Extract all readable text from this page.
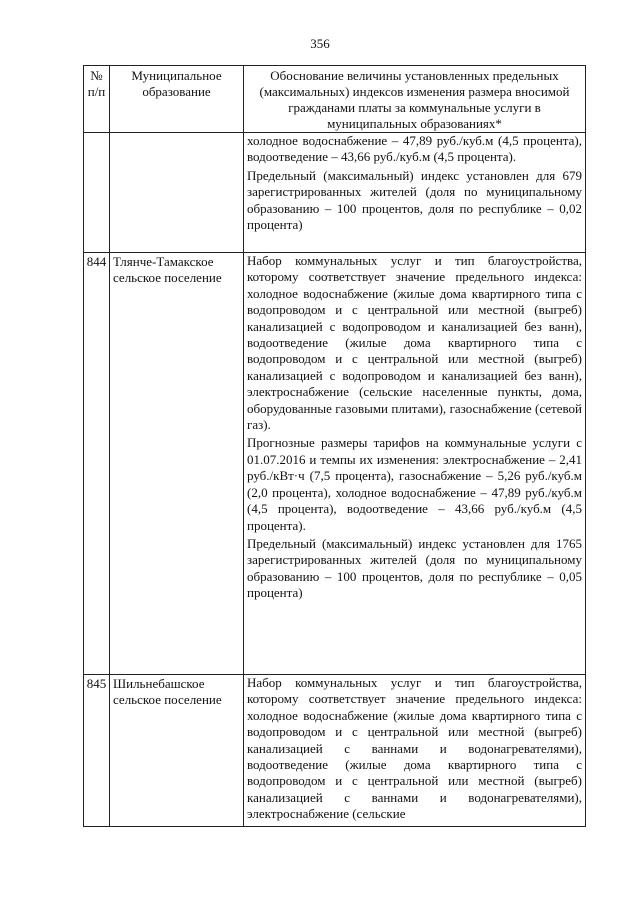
356
№ п/п	Муниципальное образование	Обоснование величины установленных предельных (максимальных) индексов изменения размера вносимой гражданами платы за коммунальные услуги в муниципальных образованиях*

		холодное водоснабжение – 47,89 руб./куб.м (4,5 процента), водоотведение – 43,66 руб./куб.м (4,5 процента).

Предельный (максимальный) индекс установлен для 679 зарегистрированных жителей (доля по муниципальному образованию – 100 процентов, доля по республике – 0,02 процента)

844	Тлянче-Тамакское сельское поселение	Набор коммунальных услуг и тип благоустройства, которому соответствует значение предельного индекса: холодное водоснабжение (жилые дома квартирного типа с водопроводом и с центральной или местной (выгреб) канализацией с водопроводом и канализацией без ванн), водоотведение (жилые дома квартирного типа с водопроводом и с центральной или местной (выгреб) канализацией с водопроводом и канализацией без ванн), электроснабжение (сельские населенные пункты, дома, оборудованные газовыми плитами), газоснабжение (сетевой газ).

Прогнозные размеры тарифов на коммунальные услуги с 01.07.2016 и темпы их изменения: электроснабжение – 2,41 руб./кВт·ч (7,5 процента), газоснабжение – 5,26 руб./куб.м (2,0 процента), холодное водоснабжение – 47,89 руб./куб.м (4,5 процента), водоотведение – 43,66 руб./куб.м (4,5 процента).

Предельный (максимальный) индекс установлен для 1765 зарегистрированных жителей (доля по муниципальному образованию – 100 процентов, доля по республике – 0,05 процента)

845	Шильнебашское сельское поселение	Набор коммунальных услуг и тип благоустройства, которому соответствует значение предельного индекса: холодное водоснабжение (жилые дома квартирного типа с водопроводом и с центральной или местной (выгреб) канализацией с ваннами и водонагревателями), водоотведение (жилые дома квартирного типа с водопроводом и с центральной или местной (выгреб) канализацией с ваннами и водонагревателями), электроснабжение (сельские
